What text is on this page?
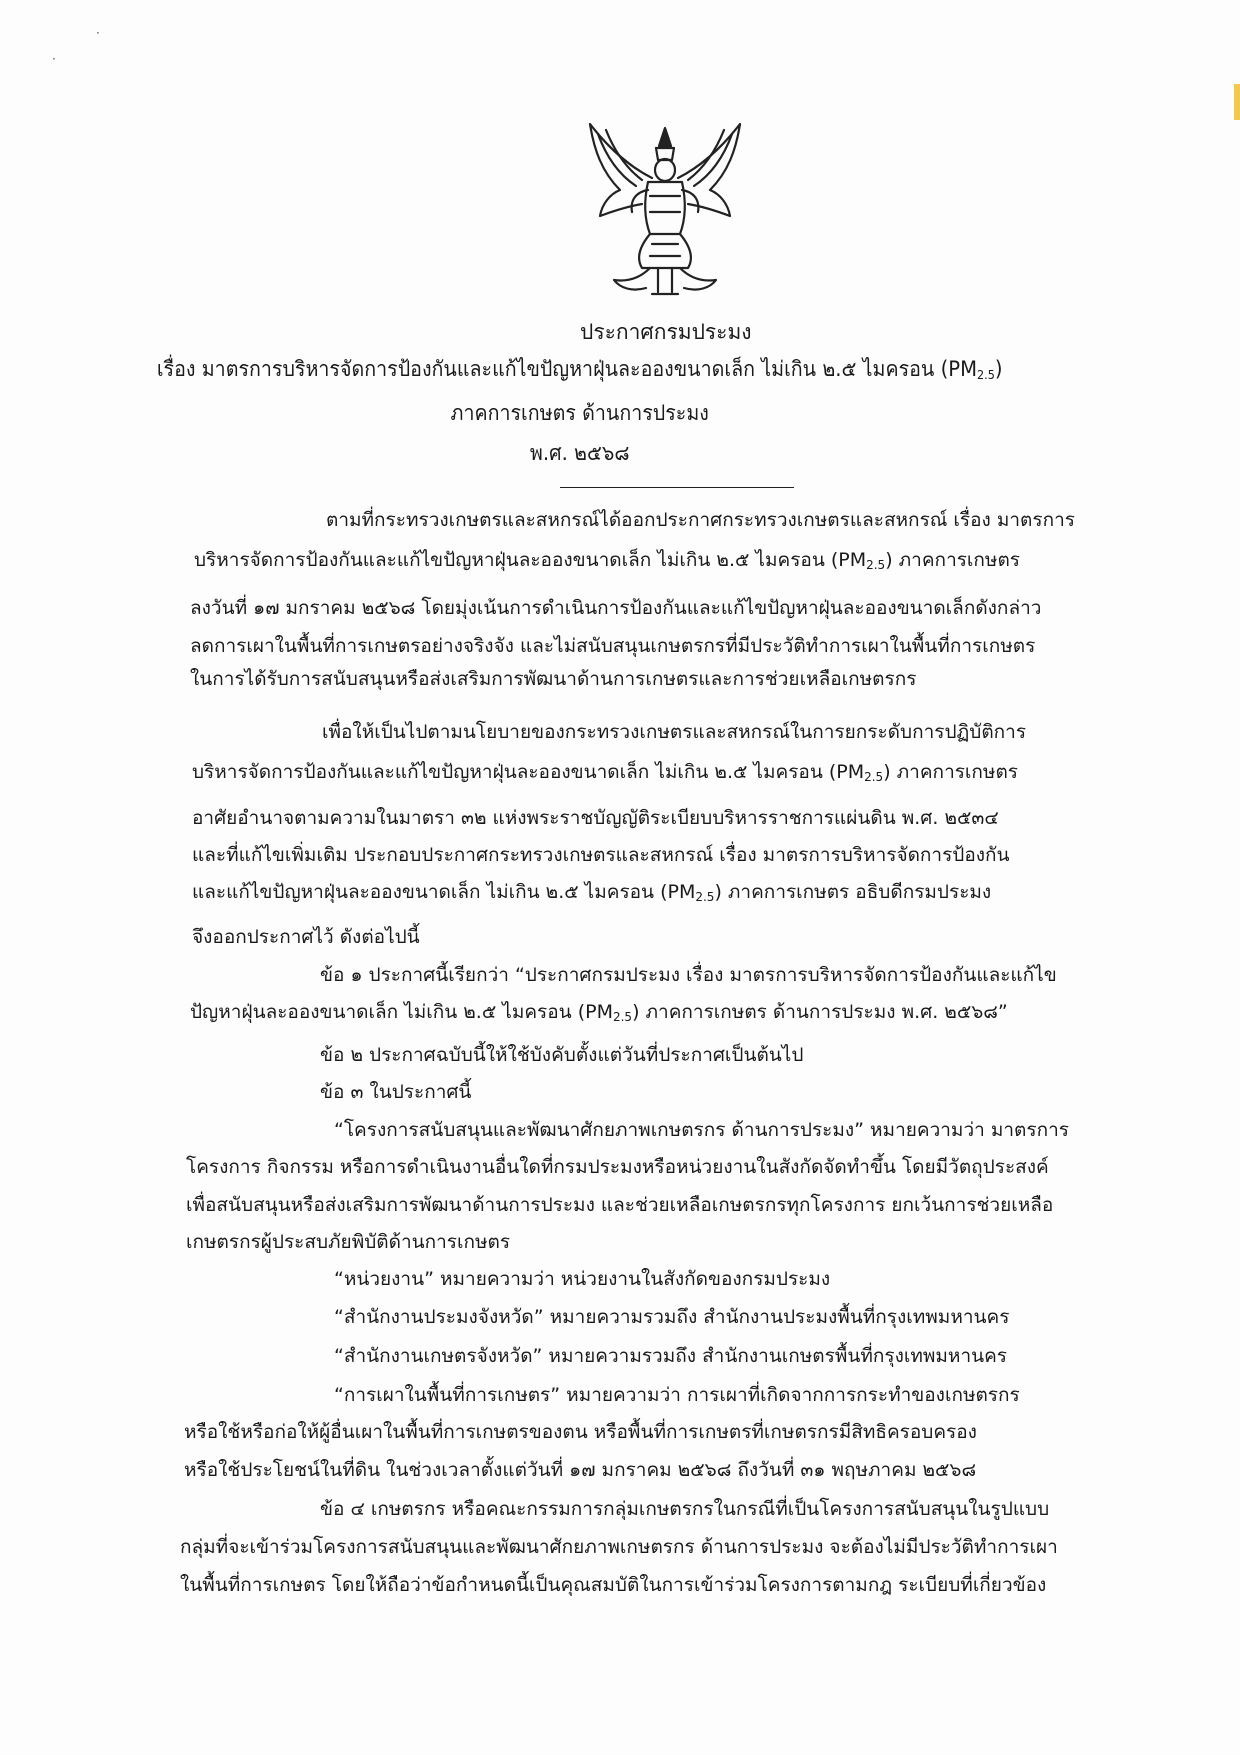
·
·
ประกาศกรมประมง
เรื่อง มาตรการบริหารจัดการป้องกันและแก้ไขปัญหาฝุ่นละอองขนาดเล็ก ไม่เกิน ๒.๕ ไมครอน $(PM_{2.5})$
ภาคการเกษตร ด้านการประมง
พ.ศ. ๒๕๖๘
ตามที่กระทรวงเกษตรและสหกรณ์ได้ออกประกาศกระทรวงเกษตรและสหกรณ์ เรื่อง มาตรการ
บริหารจัดการป้องกันและแก้ไขปัญหาฝุ่นละอองขนาดเล็ก ไม่เกิน ๒.๕ ไมครอน $(PM_{2.5})$ ภาคการเกษตร
ลงวันที่ ๑๗ มกราคม ๒๕๖๘ โดยมุ่งเน้นการดำเนินการป้องกันและแก้ไขปัญหาฝุ่นละอองขนาดเล็กดังกล่าว
ลดการเผาในพื้นที่การเกษตรอย่างจริงจัง และไม่สนับสนุนเกษตรกรที่มีประวัติทำการเผาในพื้นที่การเกษตร
ในการได้รับการสนับสนุนหรือส่งเสริมการพัฒนาด้านการเกษตรและการช่วยเหลือเกษตรกร
เพื่อให้เป็นไปตามนโยบายของกระทรวงเกษตรและสหกรณ์ในการยกระดับการปฏิบัติการ
บริหารจัดการป้องกันและแก้ไขปัญหาฝุ่นละอองขนาดเล็ก ไม่เกิน ๒.๕ ไมครอน $(PM_{2.5})$ ภาคการเกษตร
อาศัยอำนาจตามความในมาตรา ๓๒ แห่งพระราชบัญญัติระเบียบบริหารราชการแผ่นดิน พ.ศ. ๒๕๓๔
และที่แก้ไขเพิ่มเติม ประกอบประกาศกระทรวงเกษตรและสหกรณ์ เรื่อง มาตรการบริหารจัดการป้องกัน
และแก้ไขปัญหาฝุ่นละอองขนาดเล็ก ไม่เกิน ๒.๕ ไมครอน $(PM_{2.5})$ ภาคการเกษตร อธิบดีกรมประมง
จึงออกประกาศไว้ ดังต่อไปนี้
ข้อ ๑ ประกาศนี้เรียกว่า “ประกาศกรมประมง เรื่อง มาตรการบริหารจัดการป้องกันและแก้ไข
ปัญหาฝุ่นละอองขนาดเล็ก ไม่เกิน ๒.๕ ไมครอน $(PM_{2.5})$ ภาคการเกษตร ด้านการประมง พ.ศ. ๒๕๖๘”
ข้อ ๒ ประกาศฉบับนี้ให้ใช้บังคับตั้งแต่วันที่ประกาศเป็นต้นไป
ข้อ ๓ ในประกาศนี้
“โครงการสนับสนุนและพัฒนาศักยภาพเกษตรกร ด้านการประมง” หมายความว่า มาตรการ
โครงการ กิจกรรม หรือการดำเนินงานอื่นใดที่กรมประมงหรือหน่วยงานในสังกัดจัดทำขึ้น โดยมีวัตถุประสงค์
เพื่อสนับสนุนหรือส่งเสริมการพัฒนาด้านการประมง และช่วยเหลือเกษตรกรทุกโครงการ ยกเว้นการช่วยเหลือ
เกษตรกรผู้ประสบภัยพิบัติด้านการเกษตร
“หน่วยงาน” หมายความว่า หน่วยงานในสังกัดของกรมประมง
“สำนักงานประมงจังหวัด” หมายความรวมถึง สำนักงานประมงพื้นที่กรุงเทพมหานคร
“สำนักงานเกษตรจังหวัด” หมายความรวมถึง สำนักงานเกษตรพื้นที่กรุงเทพมหานคร
“การเผาในพื้นที่การเกษตร” หมายความว่า การเผาที่เกิดจากการกระทำของเกษตรกร
หรือใช้หรือก่อให้ผู้อื่นเผาในพื้นที่การเกษตรของตน หรือพื้นที่การเกษตรที่เกษตรกรมีสิทธิครอบครอง
หรือใช้ประโยชน์ในที่ดิน ในช่วงเวลาตั้งแต่วันที่ ๑๗ มกราคม ๒๕๖๘ ถึงวันที่ ๓๑ พฤษภาคม ๒๕๖๘
ข้อ ๔ เกษตรกร หรือคณะกรรมการกลุ่มเกษตรกรในกรณีที่เป็นโครงการสนับสนุนในรูปแบบ
กลุ่มที่จะเข้าร่วมโครงการสนับสนุนและพัฒนาศักยภาพเกษตรกร ด้านการประมง จะต้องไม่มีประวัติทำการเผา
ในพื้นที่การเกษตร โดยให้ถือว่าข้อกำหนดนี้เป็นคุณสมบัติในการเข้าร่วมโครงการตามกฎ ระเบียบที่เกี่ยวข้อง
